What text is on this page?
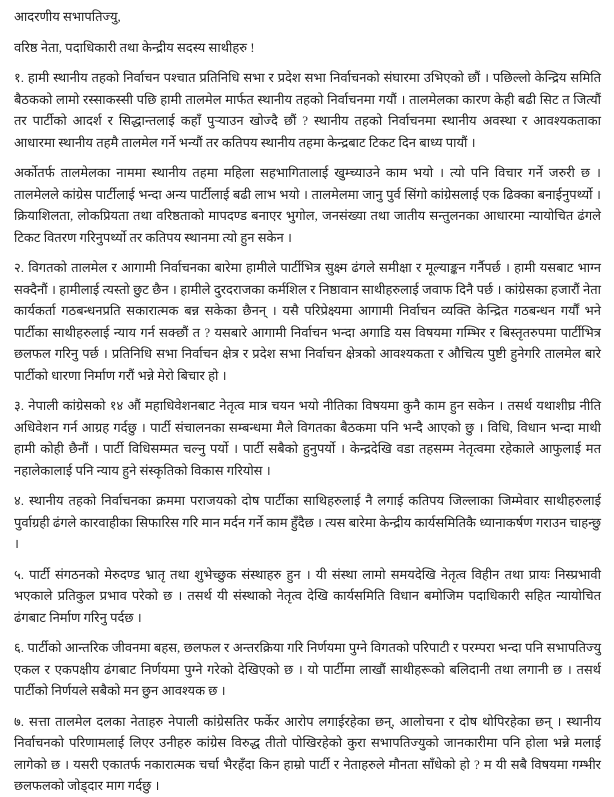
आदरणीय सभापतिज्यु,

वरिष्ठ नेता, पदाधिकारी तथा केन्द्रीय सदस्य साथीहरु !

१. हामी स्थानीय तहको निर्वाचन पश्चात प्रतिनिधि सभा र प्रदेश सभा निर्वाचनको संघारमा उभिएको छौं । पछिल्लो केन्द्रिय समिति बैठकको लामो रस्साकस्सी पछि हामी तालमेल मार्फत स्थानीय तहको निर्वाचनमा गयौं । तालमेलका कारण केही बढी सिट त जित्यौं तर पार्टीको आदर्श र सिद्धान्तलाई कहाँ पुर्‍याउन खोज्दै छौं ? स्थानीय तहको निर्वाचनमा स्थानीय अवस्था र आवश्यकताका आधारमा स्थानीय तहमै तालमेल गर्ने भन्यौं तर कतिपय स्थानीय तहमा केन्द्रबाट टिकट दिन बाध्य पायौं ।

अर्कोतर्फ तालमेलका नाममा स्थानीय तहमा महिला सहभागितालाई खुम्च्याउने काम भयो । त्यो पनि विचार गर्ने जरुरी छ । तालमेलले कांग्रेस पार्टीलाई भन्दा अन्य पार्टीलाई बढी लाभ भयो । तालमेलमा जानु पुर्व सिंगो कांग्रेसलाई एक ढिक्का बनाईनुपर्थ्यो । क्रियाशिलता, लोकप्रियता तथा वरिष्ठताको मापदण्ड बनाएर भुगोल, जनसंख्या तथा जातीय सन्तुलनका आधारमा न्यायोचित ढंगले टिकट वितरण गरिनुपर्थ्यो तर कतिपय स्थानमा त्यो हुन सकेन ।

२. विगतको तालमेल र आगामी निर्वाचनका बारेमा हामीले पार्टीभित्र सुक्ष्म ढंगले समीक्षा र मूल्याङ्कन गर्नैपर्छ । हामी यसबाट भाग्न सक्दैनौं । हामीलाई त्यस्तो छुट छैन । हामीले दुरदराजका कर्मशिल र निष्ठावान साथीहरुलाई जवाफ दिनै पर्छ । कांग्रेसका हजारौं नेता कार्यकर्ता गठबन्धनप्रति सकारात्मक बन्न सकेका छैनन् । यसै परिप्रेक्ष्यमा आगामी निर्वाचन व्यक्ति केन्द्रित गठबन्धन गर्यौं भने पार्टीका साथीहरुलाई न्याय गर्न सक्छौं त ? यसबारे आगामी निर्वाचन भन्दा अगाडि यस विषयमा गम्भिर र बिस्तृतरुपमा पार्टीभित्र छलफल गरिनु पर्छ । प्रतिनिधि सभा निर्वाचन क्षेत्र र प्रदेश सभा निर्वाचन क्षेत्रको आवश्यकता र औचित्य पुष्टी हुनेगरि तालमेल बारे पार्टीको धारणा निर्माण गरौं भन्ने मेरो बिचार हो ।

३. नेपाली कांग्रेसको १४ औं महाधिवेशनबाट नेतृत्व मात्र चयन भयो नीतिका विषयमा कुनै काम हुन सकेन । तसर्थ यथाशीघ्र नीति अधिवेशन गर्न आग्रह गर्दछु । पार्टी संचालनका सम्बन्धमा मैले विगतका बैठकमा पनि भन्दै आएको छु । विधि, विधान भन्दा माथी हामी कोही छैनौं । पार्टी विधिसम्मत चल्नु पर्यो । पार्टी सबैको हुनुपर्यो । केन्द्रदेखि वडा तहसम्म नेतृत्वमा रहेकाले आफुलाई मत नहालेकालाई पनि न्याय हुने संस्कृतिको विकास गरियोस ।

४. स्थानीय तहको निर्वाचनका क्रममा पराजयको दोष पार्टीका साथिहरुलाई नै लगाई कतिपय जिल्लाका जिम्मेवार साथीहरुलाई पुर्वाग्रही ढंगले कारवाहीका सिफारिस गरि मान मर्दन गर्ने काम हुँदैछ । त्यस बारेमा केन्द्रीय कार्यसमितिकै ध्यानाकर्षण गराउन चाहन्छु ।

५. पार्टी संगठनको मेरुदण्ड भ्रातृ तथा शुभेच्छुक संस्थाहरु हुन । यी संस्था लामो समयदेखि नेतृत्व विहीन तथा प्रायः निस्प्रभावी भएकाले प्रतिकुल प्रभाव परेको छ । तसर्थ यी संस्थाको नेतृत्व देखि कार्यसमिति विधान बमोजिम पदाधिकारी सहित न्यायोचित ढंगबाट निर्माण गरिनु पर्दछ ।

६. पार्टीको आन्तरिक जीवनमा बहस, छलफल र अन्तरक्रिया गरि निर्णयमा पुग्ने विगतको परिपाटी र परम्परा भन्दा पनि सभापतिज्यु एकल र एकपक्षीय ढंगबाट निर्णयमा पुग्ने गरेको देखिएको छ । यो पार्टीमा लाखौं साथीहरूको बलिदानी तथा लगानी छ । तसर्थ पार्टीको निर्णयले सबैको मन छुन आवश्यक छ ।

७. सत्ता तालमेल दलका नेताहरु नेपाली कांग्रेसतिर फर्केर आरोप लगाईरहेका छन्, आलोचना र दोष थोपिरहेका छन् । स्थानीय निर्वाचनको परिणामलाई लिएर उनीहरु कांग्रेस विरुद्ध तीतो पोखिरहेको कुरा सभापतिज्युको जानकारीमा पनि होला भन्ने मलाई लागेको छ । यसरी एकातर्फ नकारात्मक चर्चा भैरहँदा किन हाम्रो पार्टी र नेताहरुले मौनता साँधेको हो ? म यी सबै विषयमा गम्भीर छलफलको जोड्दार माग गर्दछु ।
